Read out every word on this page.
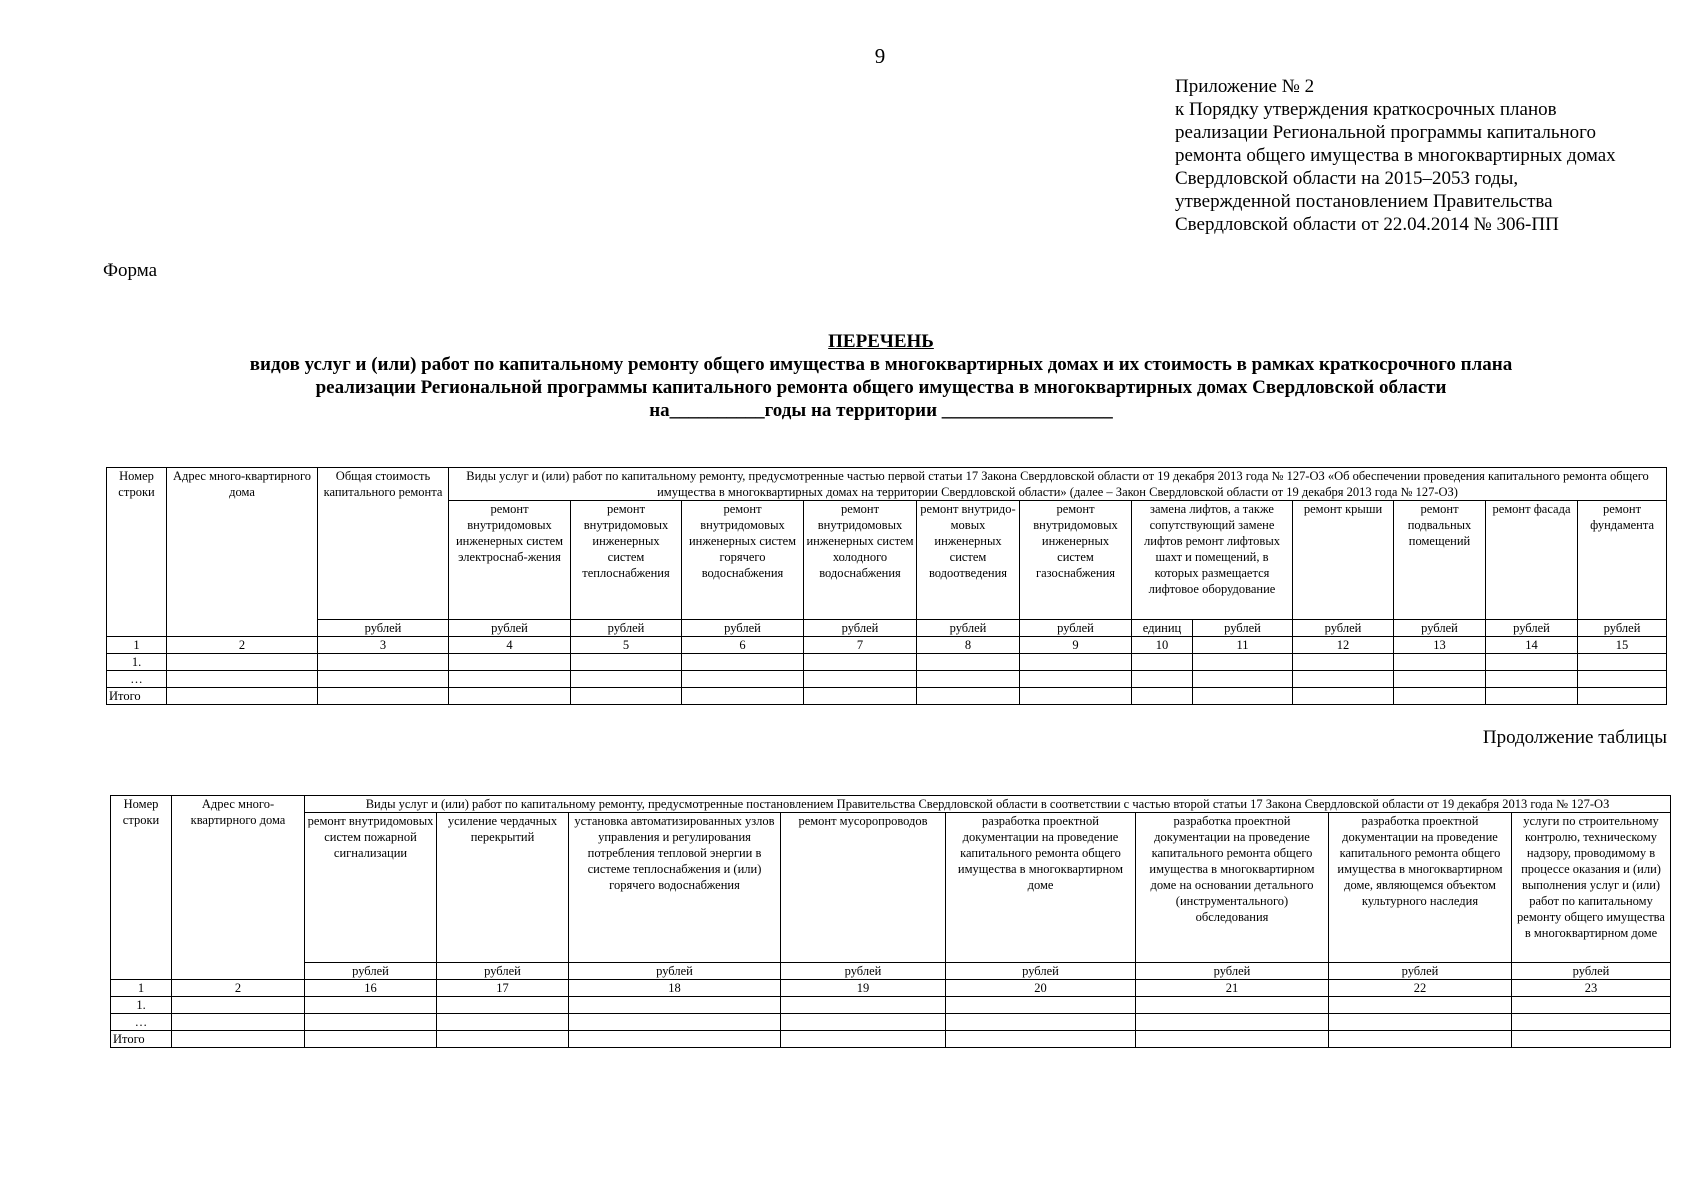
9
Приложение № 2
к Порядку утверждения краткосрочных планов
реализации Региональной программы капитального
ремонта общего имущества в многоквартирных домах
Свердловской области на 2015–2053 годы,
утвержденной постановлением Правительства
Свердловской области от 22.04.2014 № 306-ПП
Форма
ПЕРЕЧЕНЬ
видов услуг и (или) работ по капитальному ремонту общего имущества в многоквартирных домах и их стоимость в рамках краткосрочного плана
реализации Региональной программы капитального ремонта общего имущества в многоквартирных домах Свердловской области
на__________годы на территории __________________
Номер строки	Адрес много-квартирного дома	Общая стоимость капитального ремонта	Виды услуг и (или) работ по капитальному ремонту, предусмотренные частью первой статьи 17 Закона Свердловской области от 19 декабря 2013 года № 127-ОЗ «Об обеспечении проведения капитального ремонта общего имущества в многоквартирных домах на территории Свердловской области» (далее – Закон Свердловской области от 19 декабря 2013 года № 127-ОЗ)											
			ремонт внутридомовых инженерных систем электроснаб-жения	ремонт внутридомовых инженерных систем теплоснабжения	ремонт внутридомовых инженерных систем горячего водоснабжения	ремонт внутридомовых инженерных систем холодного водоснабжения	ремонт внутридо-мовых инженерных систем водоотведения	ремонт внутридомовых инженерных систем газоснабжения	замена лифтов, а также сопутствующий замене лифтов ремонт лифтовых шахт и помещений, в которых размещается лифтовое оборудование		ремонт крыши	ремонт подвальных помещений	ремонт фасада	ремонт фундамента
		рублей	рублей	рублей	рублей	рублей	рублей	рублей	единиц	рублей	рублей	рублей	рублей	рублей
1	2	3	4	5	6	7	8	9	10	11	12	13	14	15
1.														
…														
Итого														
Продолжение таблицы
Номер строки	Адрес много-квартирного дома	Виды услуг и (или) работ по капитальному ремонту, предусмотренные постановлением Правительства Свердловской области в соответствии с частью второй статьи 17 Закона Свердловской области от 19 декабря 2013 года № 127-ОЗ							
		ремонт внутридомовых систем пожарной сигнализации	усиление чердачных перекрытий	установка автоматизированных узлов управления и регулирования потребления тепловой энергии в системе теплоснабжения и (или) горячего водоснабжения	ремонт мусоропроводов	разработка проектной документации на проведение капитального ремонта общего имущества в многоквартирном доме	разработка проектной документации на проведение капитального ремонта общего имущества в многоквартирном доме на основании детального (инструментального) обследования	разработка проектной документации на проведение капитального ремонта общего имущества в многоквартирном доме, являющемся объектом культурного наследия	услуги по строительному контролю, техническому надзору, проводимому в процессе оказания и (или) выполнения услуг и (или) работ по капитальному ремонту общего имущества в многоквартирном доме
		рублей	рублей	рублей	рублей	рублей	рублей	рублей	рублей
1	2	16	17	18	19	20	21	22	23
1.									
…									
Итого									
